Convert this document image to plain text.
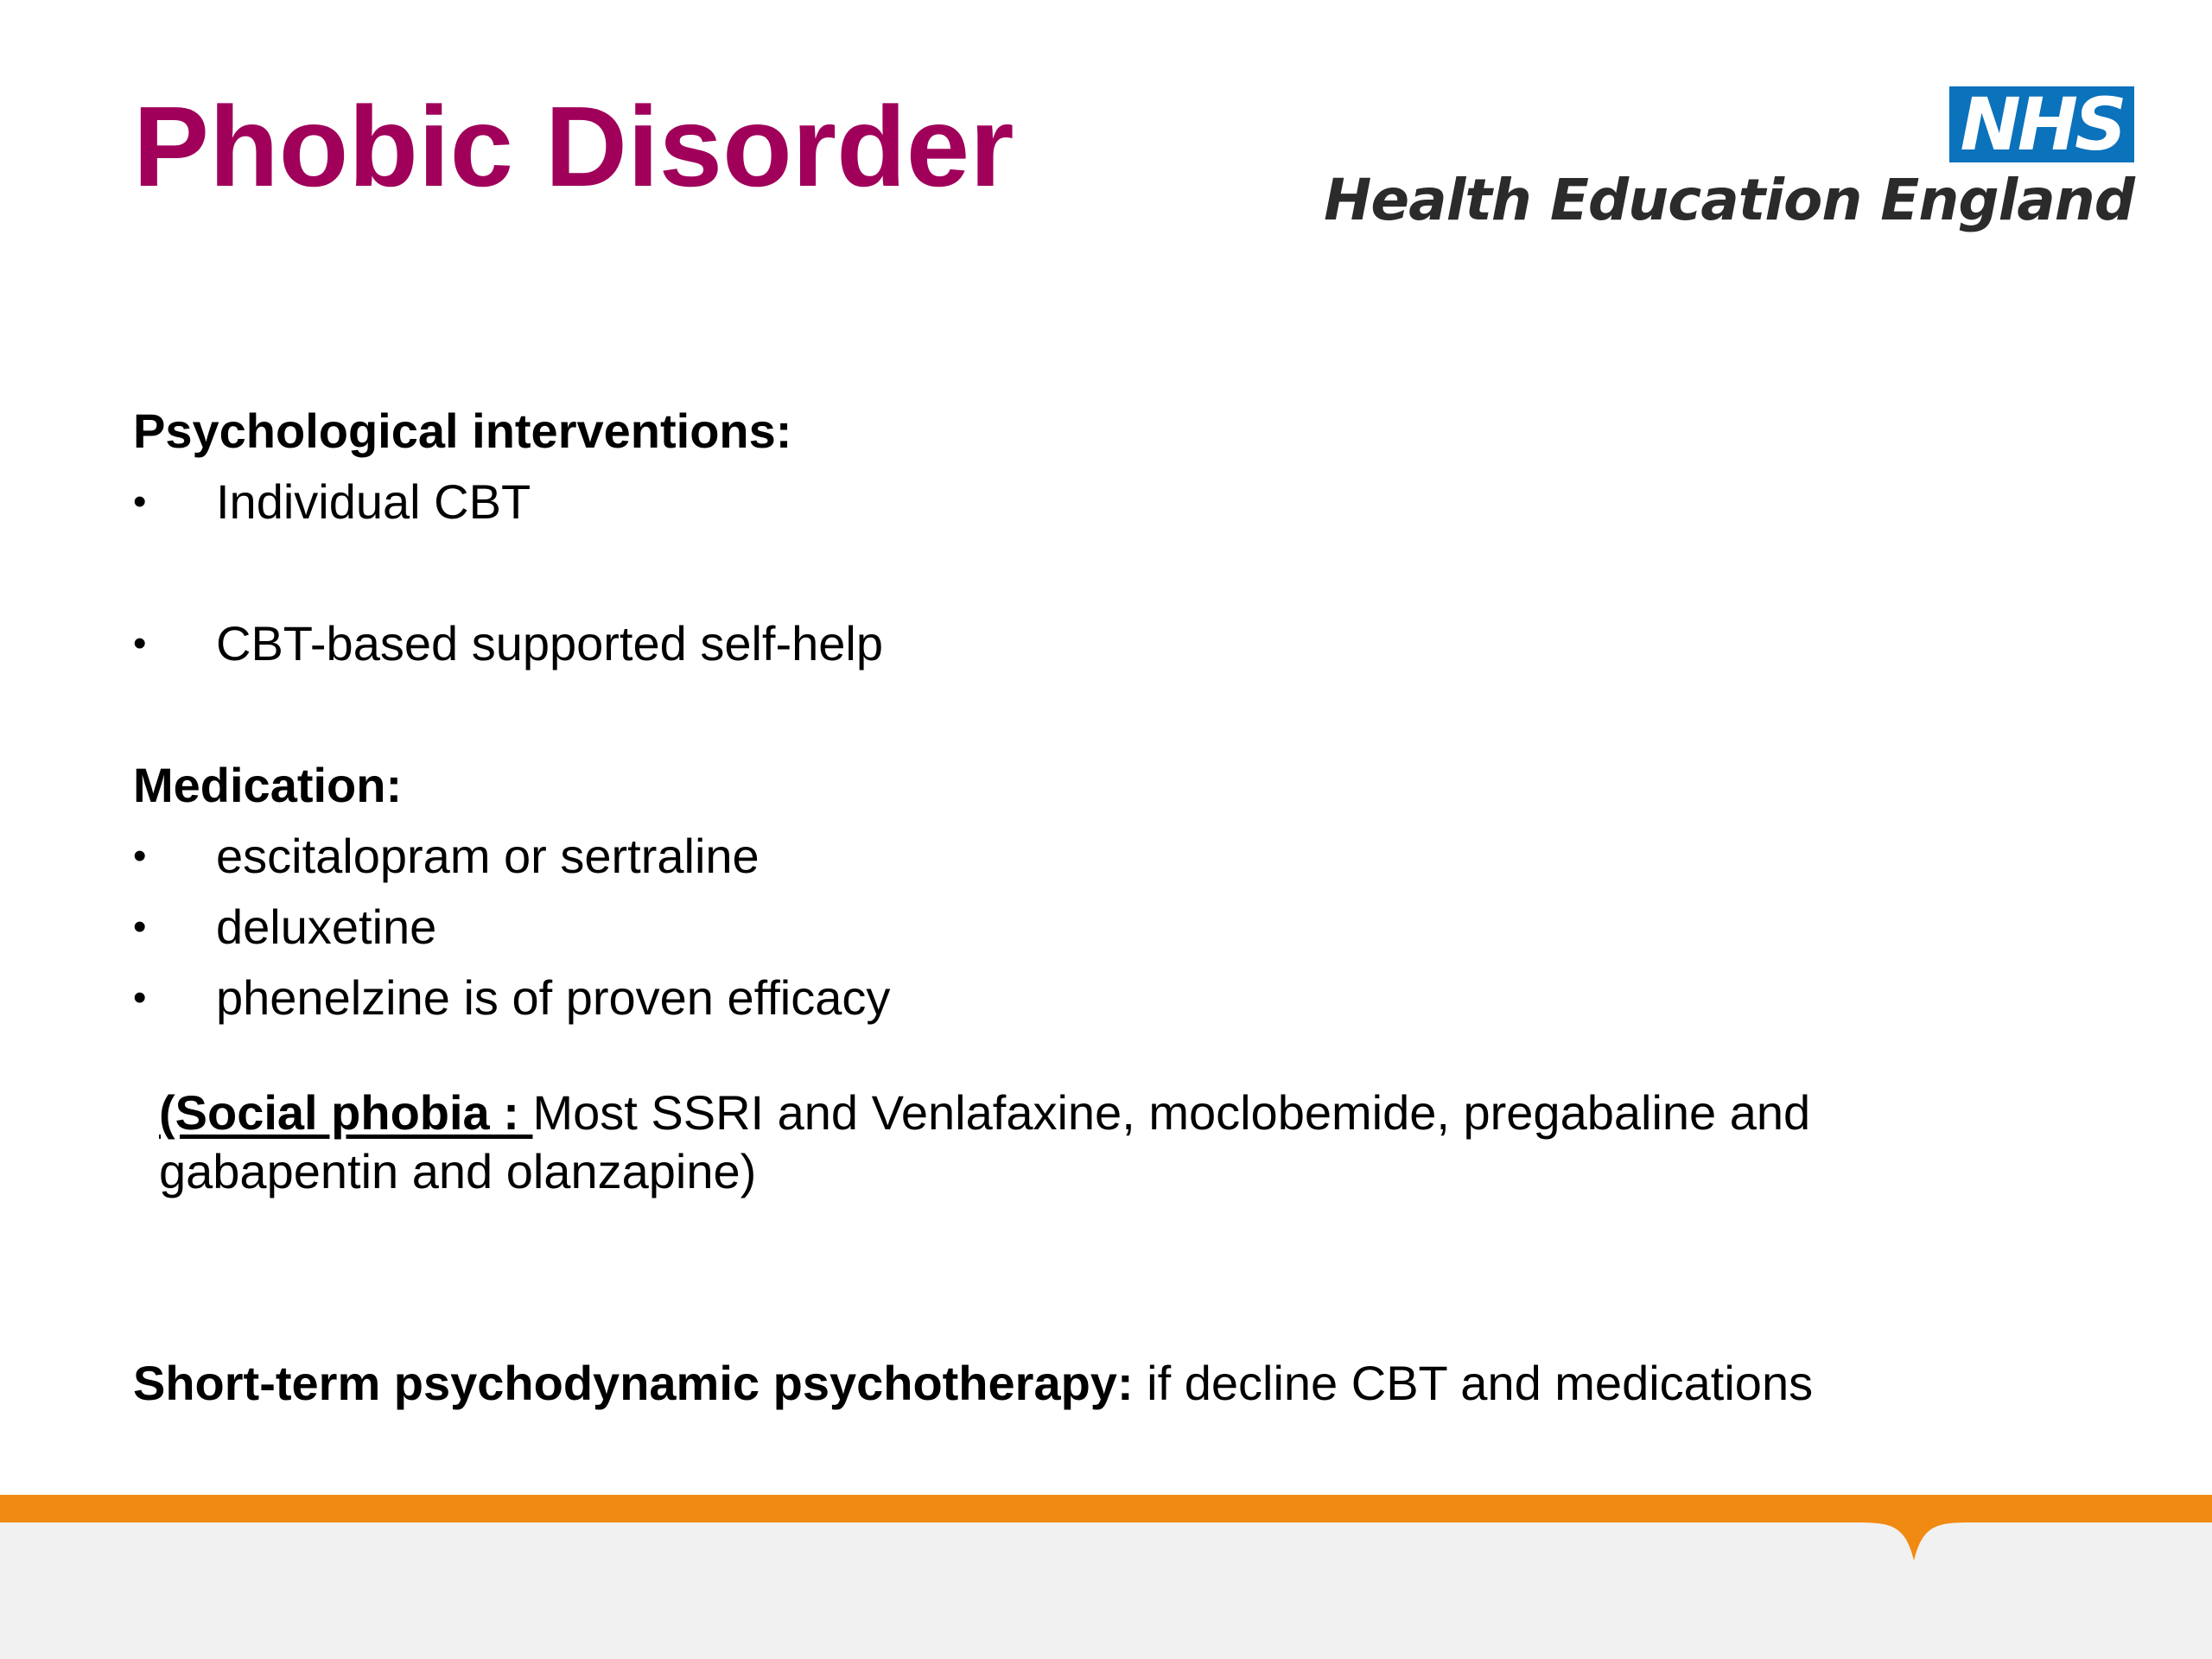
Phobic Disorder	NHS
Health Education England

Psychological interventions:

• Individual CBT
• CBT-based supported self-help

Medication:

• escitalopram or sertraline
• deluxetine
• phenelzine is of proven efficacy

(Social phobia : Most SSRI and Venlafaxine, moclobemide, pregabaline and gabapentin and olanzapine)

Short-term psychodynamic psychotherapy: if decline CBT and medications
